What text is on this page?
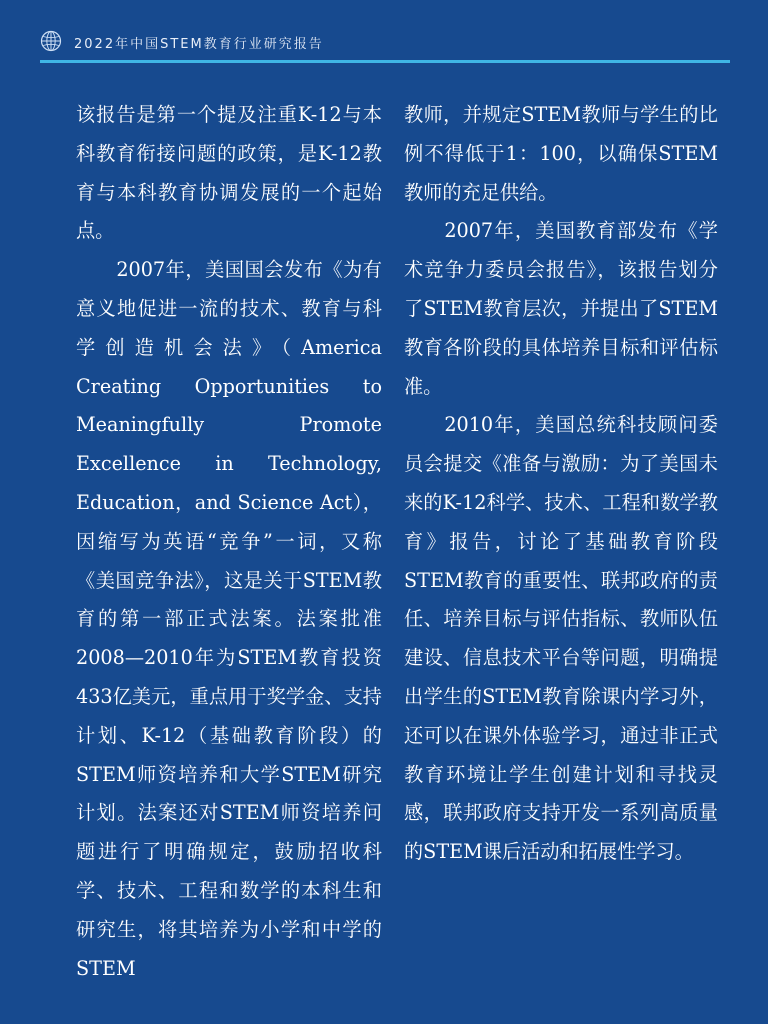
2022年中国STEM教育行业研究报告

该报告是第一个提及注重K-12与本科教育衔接问题的政策，是K-12教育与本科教育协调发展的一个起始点。

2007年，美国国会发布《为有意义地促进一流的技术、教育与科学创造机会法》（America Creating Opportunities to Meaningfully Promote Excellence in Technology, Education，and Science Act），因缩写为英语“竞争”一词，又称《美国竞争法》，这是关于STEM教育的第一部正式法案。法案批准2008—2010年为STEM教育投资433亿美元，重点用于奖学金、支持计划、K-12（基础教育阶段）的STEM师资培养和大学STEM研究计划。法案还对STEM师资培养问题进行了明确规定，鼓励招收科学、技术、工程和数学的本科生和研究生，将其培养为小学和中学的STEM

教师，并规定STEM教师与学生的比例不得低于1：100，以确保STEM教师的充足供给。

2007年，美国教育部发布《学术竞争力委员会报告》，该报告划分了STEM教育层次，并提出了STEM教育各阶段的具体培养目标和评估标准。

2010年，美国总统科技顾问委员会提交《准备与激励：为了美国未来的K-12科学、技术、工程和数学教育》报告，讨论了基础教育阶段STEM教育的重要性、联邦政府的责任、培养目标与评估指标、教师队伍建设、信息技术平台等问题，明确提出学生的STEM教育除课内学习外，还可以在课外体验学习，通过非正式教育环境让学生创建计划和寻找灵感，联邦政府支持开发一系列高质量的STEM课后活动和拓展性学习。
